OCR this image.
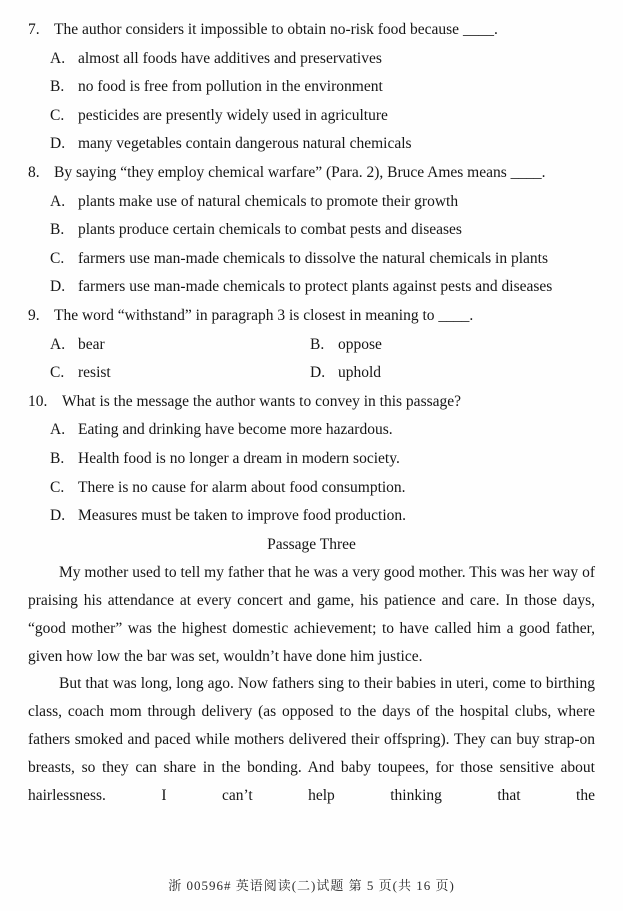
7. The author considers it impossible to obtain no-risk food because ____.
A. almost all foods have additives and preservatives
B. no food is free from pollution in the environment
C. pesticides are presently widely used in agriculture
D. many vegetables contain dangerous natural chemicals
8. By saying “they employ chemical warfare” (Para. 2), Bruce Ames means ____.
A. plants make use of natural chemicals to promote their growth
B. plants produce certain chemicals to combat pests and diseases
C. farmers use man-made chemicals to dissolve the natural chemicals in plants
D. farmers use man-made chemicals to protect plants against pests and diseases
9. The word “withstand” in paragraph 3 is closest in meaning to ____.
A. bear	B. oppose
C. resist	D. uphold
10. What is the message the author wants to convey in this passage?
A. Eating and drinking have become more hazardous.
B. Health food is no longer a dream in modern society.
C. There is no cause for alarm about food consumption.
D. Measures must be taken to improve food production.
Passage Three

My mother used to tell my father that he was a very good mother. This was her way of praising his attendance at every concert and game, his patience and care. In those days, “good mother” was the highest domestic achievement; to have called him a good father, given how low the bar was set, wouldn’t have done him justice.

But that was long, long ago. Now fathers sing to their babies in uteri, come to birthing class, coach mom through delivery (as opposed to the days of the hospital clubs, where fathers smoked and paced while mothers delivered their offspring). They can buy strap-on breasts, so they can share in the bonding. And baby toupees, for those sensitive about hairlessness. I can’t help thinking that the

浙 00596# 英语阅读(二)试题 第 5 页(共 16 页)
